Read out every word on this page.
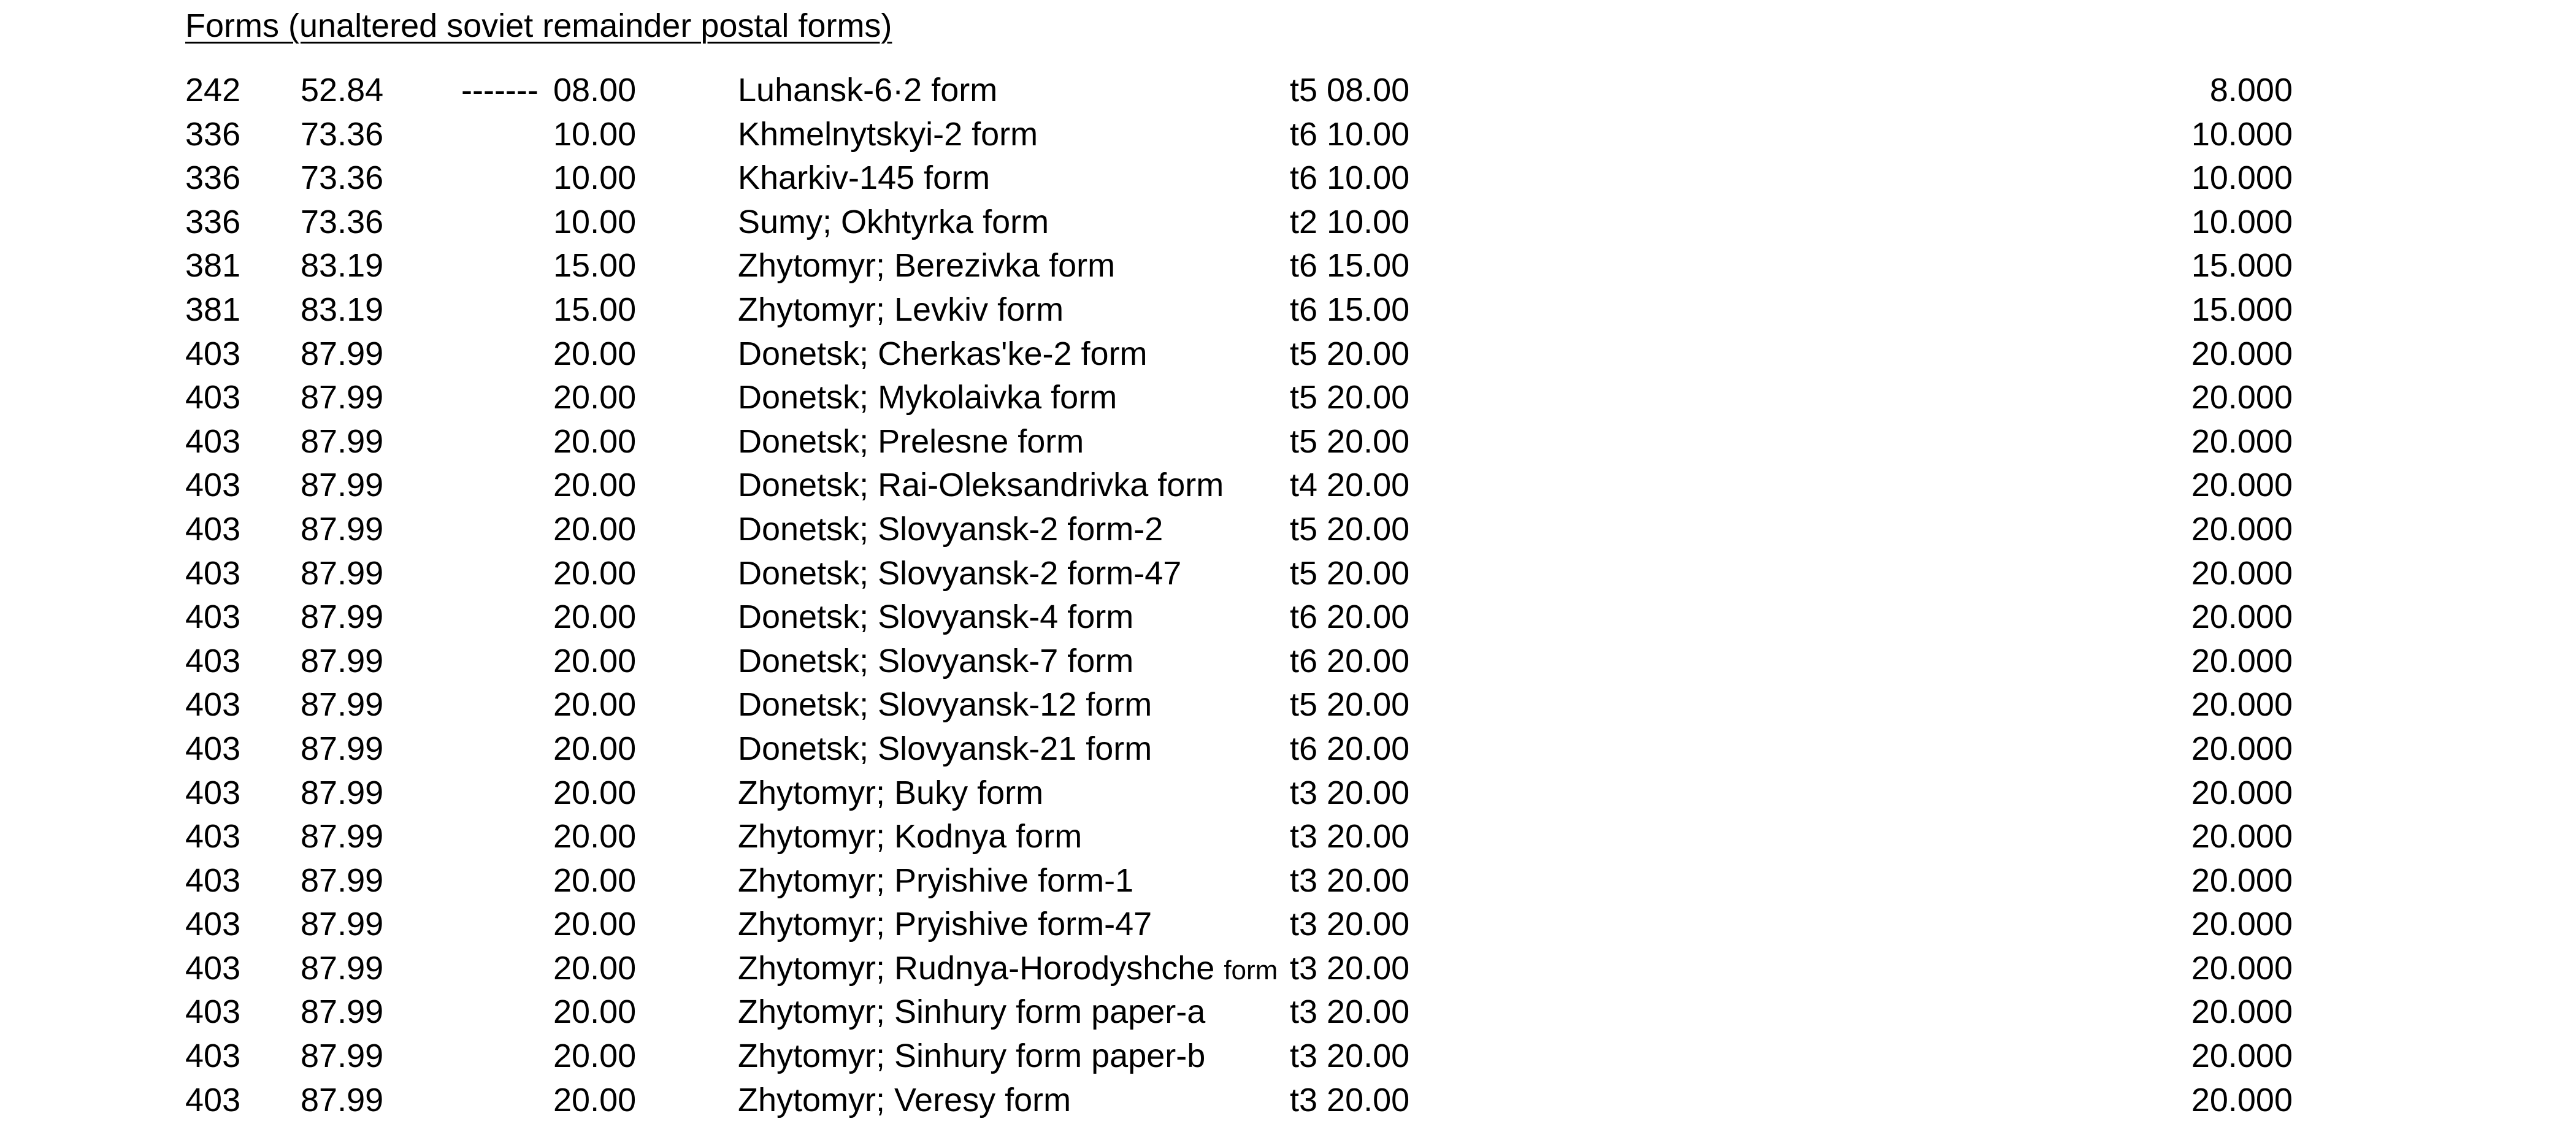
Forms (unaltered soviet remainder postal forms)
242 52.84 ------- 08.00	Luhansk-6·2 form	t5 08.00	8.000
336 73.36	10.00	Khmelnytskyi-2 form	t6 10.00	10.000
336 73.36	10.00	Kharkiv-145 form	t6 10.00	10.000
336 73.36	10.00	Sumy; Okhtyrka form	t2 10.00	10.000
381 83.19	15.00	Zhytomyr; Berezivka form	t6 15.00	15.000
381 83.19	15.00	Zhytomyr; Levkiv form	t6 15.00	15.000
403 87.99	20.00	Donetsk; Cherkas'ke-2 form	t5 20.00	20.000
403 87.99	20.00	Donetsk; Mykolaivka form	t5 20.00	20.000
403 87.99	20.00	Donetsk; Prelesne form	t5 20.00	20.000
403 87.99	20.00	Donetsk; Rai-Oleksandrivka form t4 20.00	20.000
403 87.99	20.00	Donetsk; Slovyansk-2 form-2	t5 20.00	20.000
403 87.99	20.00	Donetsk; Slovyansk-2 form-47	t5 20.00	20.000
403 87.99	20.00	Donetsk; Slovyansk-4 form	t6 20.00	20.000
403 87.99	20.00	Donetsk; Slovyansk-7 form	t6 20.00	20.000
403 87.99	20.00	Donetsk; Slovyansk-12 form	t5 20.00	20.000
403 87.99	20.00	Donetsk; Slovyansk-21 form	t6 20.00	20.000
403 87.99	20.00	Zhytomyr; Buky form	t3 20.00	20.000
403 87.99	20.00	Zhytomyr; Kodnya form	t3 20.00	20.000
403 87.99	20.00	Zhytomyr; Pryishive form-1	t3 20.00	20.000
403 87.99	20.00	Zhytomyr; Pryishive form-47	t3 20.00	20.000
403 87.99	20.00	Zhytomyr; Rudnya-Horodyshche form t3 20.00	20.000
403 87.99	20.00	Zhytomyr; Sinhury form paper-a	t3 20.00	20.000
403 87.99	20.00	Zhytomyr; Sinhury form paper-b	t3 20.00	20.000
403 87.99	20.00	Zhytomyr; Veresy form	t3 20.00	20.000
